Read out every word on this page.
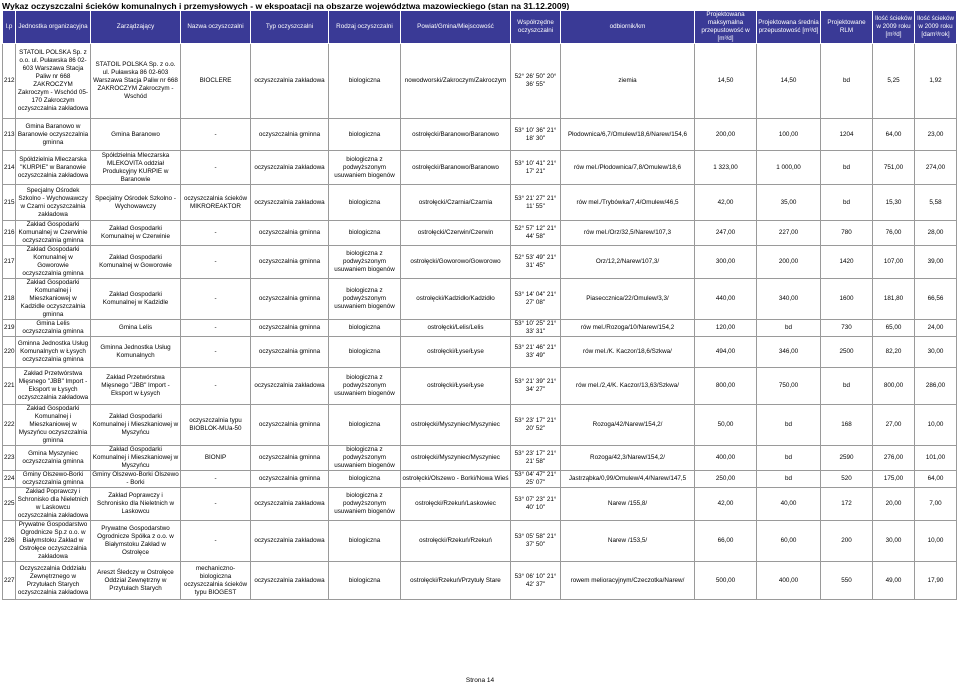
Wykaz oczyszczalni ścieków komunalnych i przemysłowych - w ekspoatacji na obszarze województwa mazowieckiego (stan na 31.12.2009)
l.p	Jednostka organizacyjna	Zarządzający	Nazwa oczyszczalni	Typ oczyszczalni	Rodzaj oczyszczalni	Powiat/Gmina/Miejscowość	Współrzędne oczyszczalni	odbiornik/km	Projektowana maksymalna przepustowość w [m³/d]	Projektowana średnia przepustowość [m³/d]	Projektowane RLM	Ilość ścieków w 2009 roku [m³/d]	Ilość ścieków w 2009 roku [dam³/rok]
212	STATOIL POLSKA Sp. z o.o. ul. Puławska 86 02-603 Warszawa Stacja Paliw nr 668 ZAKROCZYM Zakroczym - Wschód 05-170 Zakroczym oczyszczalnia zakładowa	STATOIL POLSKA Sp. z o.o. ul. Puławska 86 02-603 Warszawa Stacja Paliw nr 668 ZAKROCZYM Zakroczym - Wschód	BIOCLERE	oczyszczalnia zakładowa	biologiczna	nowodworski/Zakroczym/Zakroczym	52° 26' 50" 20° 36' 55"	ziemia	14,50	14,50	bd	5,25	1,92
213	Gmina Baranowo w Baranowie oczyszczalnia gminna	Gmina Baranowo	-	oczyszczalnia gminna	biologiczna	ostrołęcki/Baranowo/Baranowo	53° 10' 36" 21° 18' 30"	Płodownica/6,7/Omulew/18,6/Narew/154,6	200,00	100,00	1204	64,00	23,00
214	Spółdzielnia Mleczarska "KURPIE" w Baranowie oczyszczalnia zakładowa	Spółdzielnia Mleczarska MLEKOVITA oddział Produkcyjny KURPIE w Baranowie	-	oczyszczalnia zakładowa	biologiczna z podwyższonym usuwaniem biogenów	ostrołęcki/Baranowo/Baranowo	53° 10' 41" 21° 17' 21"	rów mel./Płodownica/7,8/Omulew/18,6	1 323,00	1 000,00	bd	751,00	274,00
215	Specjalny Ośrodek Szkolno - Wychowawczy w Czarni oczyszczalnia zakładowa	Specjalny Ośrodek Szkolno - Wychowawczy	oczyszczalnia ścieków MIKROREAKTOR	oczyszczalnia zakładowa	biologiczna	ostrołęcki/Czarnia/Czarnia	53° 21' 27" 21° 11' 55"	rów mel./Trybówka/7,4/Omulew/46,5	42,00	35,00	bd	15,30	5,58
216	Zakład Gospodarki Komunalnej w Czerwinie oczyszczalnia gminna	Zakład Gospodarki Komunalnej w Czerwinie	-	oczyszczalnia gminna	biologiczna	ostrołęcki/Czerwin/Czerwin	52° 57' 12" 21° 44' 58"	rów mel./Orz/32,5/Narew/107,3	247,00	227,00	780	76,00	28,00
217	Zakład Gospodarki Komunalnej w Goworowie oczyszczalnia gminna	Zakład Gospodarki Komunalnej w Goworowie	-	oczyszczalnia gminna	biologiczna z podwyższonym usuwaniem biogenów	ostrołęcki/Goworowo/Goworowo	52° 53' 49" 21° 31' 45"	Orz/12,2/Narew/107,3/	300,00	200,00	1420	107,00	39,00
218	Zakład Gospodarki Komunalnej i Mieszkaniowej w Kadzidle oczyszczalnia gminna	Zakład Gospodarki Komunalnej w Kadzidle	-	oczyszczalnia gminna	biologiczna z podwyższonym usuwaniem biogenów	ostrołęcki/Kadzidło/Kadzidło	53° 14' 04" 21° 27' 08"	Piaseccznica/22/Omulew/3,3/	440,00	340,00	1600	181,80	66,56
219	Gmina Lelis oczyszczalnia gminna	Gmina Lelis	-	oczyszczalnia gminna	biologiczna	ostrołęcki/Lelis/Lelis	53° 10' 25" 21° 33' 31"	rów mel./Rozoga/10/Narew/154,2	120,00	bd	730	65,00	24,00
220	Gminna Jednostka Usług Komunalnych w Łysych oczyszczalnia gminna	Gminna Jednostka Usług Komunalnych	-	oczyszczalnia gminna	biologiczna	ostrołęcki/Łyse/Łyse	53° 21' 46" 21° 33' 49"	rów mel./K. Kaczor/18,6/Szkwa/	494,00	346,00	2500	82,20	30,00
221	Zakład Przetwórstwa Mięsnego "JBB" Import - Eksport w Łysych oczyszczalnia zakładowa	Zakład Przetwórstwa Mięsnego "JBB" Import - Eksport w Łysych	-	oczyszczalnia zakładowa	biologiczna z podwyższonym usuwaniem biogenów	ostrołęcki/Łyse/Łyse	53° 21' 39" 21° 34' 27"	rów mel./2,4/K. Kaczor/13,63/Szkwa/	800,00	750,00	bd	800,00	286,00
222	Zakład Gospodarki Komunalnej i Mieszkaniowej w Myszyńcu oczyszczalnia gminna	Zakład Gospodarki Komunalnej i Mieszkaniowej w Myszyńcu	oczyszczalnia typu BIOBLOK-MUa-50	oczyszczalnia gminna	biologiczna	ostrołęcki/Myszyniec/Myszyniec	53° 23' 17" 21° 20' 52"	Rozoga/42/Narew/154,2/	50,00	bd	168	27,00	10,00
223	Gmina Myszyniec oczyszczalnia gminna	Zakład Gospodarki Komunalnej i Mieszkaniowej w Myszyńcu	BIONIP	oczyszczalnia gminna	biologiczna z podwyższonym usuwaniem biogenów	ostrołęcki/Myszyniec/Myszyniec	53° 23' 17" 21° 21' 58"	Rozoga/42,3/Narew/154,2/	400,00	bd	2590	276,00	101,00
224	Gminy Olszewo-Borki oczyszczalnia gminna	Gminy Olszewo-Borki Olszewo - Borki	-	oczyszczalnia gminna	biologiczna	ostrołęcki/Olszewo - Borki/Nowa Wieś	53° 04' 47" 21° 25' 07"	Jastrząbka/0,99/Omulew/4,4/Narew/147,5	250,00	bd	520	175,00	64,00
225	Zakład Poprawczy i Schronisko dla Nieletnich w Laskowcu oczyszczalnia zakładowa	Zakład Poprawczy i Schronisko dla Nieletnich w Laskowcu	-	oczyszczalnia zakładowa	biologiczna z podwyższonym usuwaniem biogenów	ostrołęcki/Rzekuń/Laskowiec	53° 07' 23" 21° 40' 10"	Narew /155,8/	42,00	40,00	172	20,00	7,00
226	Prywatne Gospodarstwo Ogrodnicze Sp.z o.o. w Białymstoku Zakład w Ostrołęce oczyszczalnia zakładowa	Prywatne Gospodarstwo Ogrodnicze Spółka z o.o. w Białymstoku Zakład w Ostrołęce	-	oczyszczalnia zakładowa	biologiczna	ostrołęcki/Rzekuń/Rzekuń	53° 05' 58" 21° 37' 50"	Narew /153,5/	66,00	60,00	200	30,00	10,00
227	Oczyszczalnia Oddziału Zewnętrznego w Przytułach Starych oczyszczalnia zakładowa	Areszt Śledczy w Ostrołęce Oddział Zewnętrzny w Przytułach Starych	mechaniczno-biologiczna oczyszczalnia ścieków typu BIOGEST	oczyszczalnia zakładowa	biologiczna	ostrołęcki/Rzekuń/Przytuły Stare	53° 06' 10" 21° 42' 37"	rowem melioracyjnym/Czeczotka/Narew/	500,00	400,00	550	49,00	17,90
Strona 14
